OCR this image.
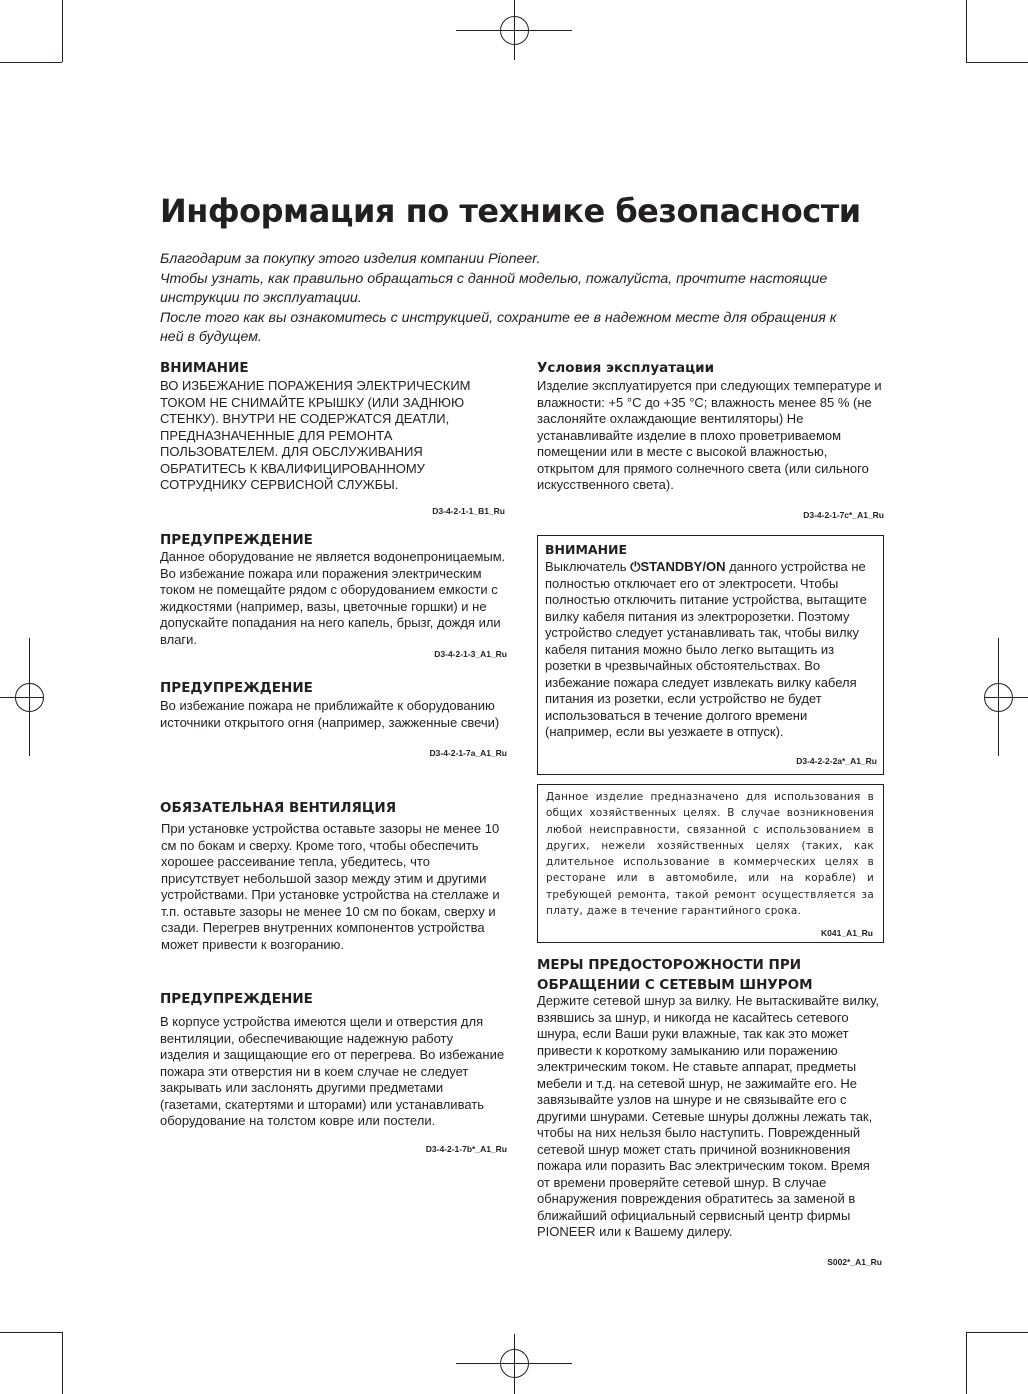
Информация по технике безопасности

Благодарим за покупку этого изделия компании Pioneer.

Чтобы узнать, как правильно обращаться с данной моделью, пожалуйста, прочтите настоящие инструкции по эксплуатации.

После того как вы ознакомитесь с инструкцией, сохраните ее в надежном месте для обращения к ней в будущем.

ВНИМАНИЕ
ВО ИЗБЕЖАНИЕ ПОРАЖЕНИЯ ЭЛЕКТРИЧЕСКИМ ТОКОМ НЕ СНИМАЙТЕ КРЫШКУ (ИЛИ ЗАДНЮЮ СТЕНКУ). ВНУТРИ НЕ СОДЕРЖАТСЯ ДЕАТЛИ, ПРЕДНАЗНАЧЕННЫЕ ДЛЯ РЕМОНТА ПОЛЬЗОВАТЕЛЕМ. ДЛЯ ОБСЛУЖИВАНИЯ ОБРАТИТЕСЬ К КВАЛИФИЦИРОВАННОМУ СОТРУДНИКУ СЕРВИСНОЙ СЛУЖБЫ.
D3-4-2-1-1_B1_Ru
ПРЕДУПРЕЖДЕНИЕ
Данное оборудование не является водонепроницаемым. Во избежание пожара или поражения электрическим током не помещайте рядом с оборудованием емкости с жидкостями (например, вазы, цветочные горшки) и не допускайте попадания на него капель, брызг, дождя или влаги.
D3-4-2-1-3_A1_Ru
ПРЕДУПРЕЖДЕНИЕ
Во избежание пожара не приближайте к оборудованию источники открытого огня (например, зажженные свечи)
D3-4-2-1-7a_A1_Ru
ОБЯЗАТЕЛЬНАЯ ВЕНТИЛЯЦИЯ
При установке устройства оставьте зазоры не менее 10 см по бокам и сверху. Кроме того, чтобы обеспечить хорошее рассеивание тепла, убедитесь, что присутствует небольшой зазор между этим и другими устройствами. При установке устройства на стеллаже и т.п. оставьте зазоры не менее 10 см по бокам, сверху и сзади. Перегрев внутренних компонентов устройства может привести к возгоранию.
ПРЕДУПРЕЖДЕНИЕ
В корпусе устройства имеются щели и отверстия для вентиляции, обеспечивающие надежную работу изделия и защищающие его от перегрева. Во избежание пожара эти отверстия ни в коем случае не следует закрывать или заслонять другими предметами (газетами, скатертями и шторами) или устанавливать оборудование на толстом ковре или постели.
D3-4-2-1-7b*_A1_Ru
Условия эксплуатации
Изделие эксплуатируется при следующих температуре и влажности: +5 °C до +35 °C; влажность менее 85 % (не заслоняйте охлаждающие вентиляторы) Не устанавливайте изделие в плохо проветриваемом помещении или в месте с высокой влажностью, открытом для прямого солнечного света (или сильного искусственного света).
D3-4-2-1-7c*_A1_Ru
ВНИМАНИЕ
Выключатель ⏻STANDBY/ON данного устройства не полностью отключает его от электросети. Чтобы полностью отключить питание устройства, вытащите вилку кабеля питания из электророзетки. Поэтому устройство следует устанавливать так, чтобы вилку кабеля питания можно было легко вытащить из розетки в чрезвычайных обстоятельствах. Во избежание пожара следует извлекать вилку кабеля питания из розетки, если устройство не будет использоваться в течение долгого времени (например, если вы уезжаете в отпуск).
D3-4-2-2-2a*_A1_Ru
Данное изделие предназначено для использования в общих хозяйственных целях. В случае возникновения любой неисправности, связанной с использованием в других, нежели хозяйственных целях (таких, как длительное использование в коммерческих целях в ресторане или в автомобиле, или на корабле) и требующей ремонта, такой ремонт осуществляется за плату, даже в течение гарантийного срока.
K041_A1_Ru
МЕРЫ ПРЕДОСТОРОЖНОСТИ ПРИ ОБРАЩЕНИИ С СЕТЕВЫМ ШНУРОМ
Держите сетевой шнур за вилку. Не вытаскивайте вилку, взявшись за шнур, и никогда не касайтесь сетевого шнура, если Ваши руки влажные, так как это может привести к короткому замыканию или поражению электрическим током. Не ставьте аппарат, предметы мебели и т.д. на сетевой шнур, не зажимайте его. Не завязывайте узлов на шнуре и не связывайте его с другими шнурами. Сетевые шнуры должны лежать так, чтобы на них нельзя было наступить. Поврежденный сетевой шнур может стать причиной возникновения пожара или поразить Вас электрическим током. Время от времени проверяйте сетевой шнур. В случае обнаружения повреждения обратитесь за заменой в ближайший официальный сервисный центр фирмы PIONEER или к Вашему дилеру.
S002*_A1_Ru
